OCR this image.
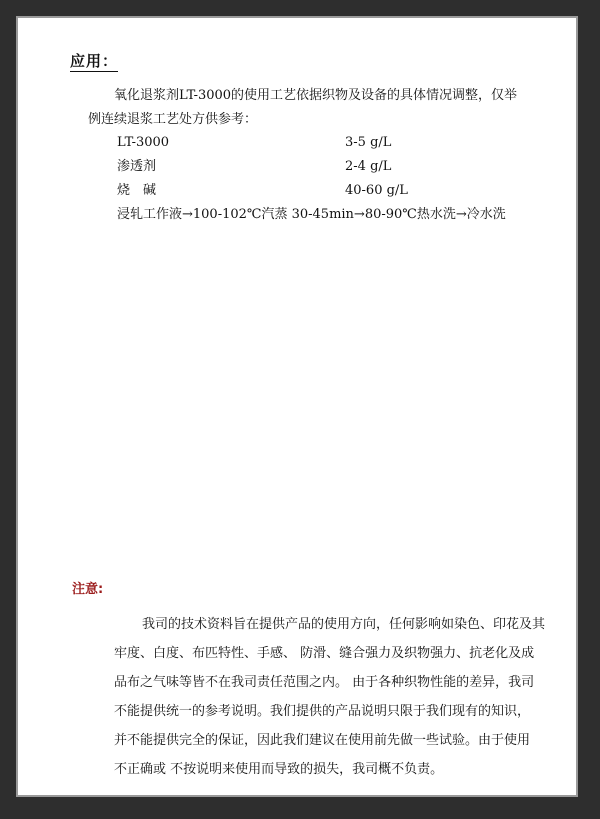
应用：
氧化退浆剂LT-3000的使用工艺依据织物及设备的具体情况调整，仅举
例连续退浆工艺处方供参考：
LT-3000	3-5 g/L
渗透剂	2-4 g/L
烧　碱	40-60 g/L
浸轧工作液→100-102℃汽蒸 30-45min→80-90℃热水洗→冷水洗
注意:
我司的技术资料旨在提供产品的使用方向，任何影响如染色、印花及其
牢度、白度、布匹特性、手感、 防滑、缝合强力及织物强力、抗老化及成
品布之气味等皆不在我司责任范围之内。 由于各种织物性能的差异，我司
不能提供统一的参考说明。我们提供的产品说明只限于我们现有的知识，
并不能提供完全的保证，因此我们建议在使用前先做一些试验。由于使用
不正确或 不按说明来使用而导致的损失，我司概不负责。
